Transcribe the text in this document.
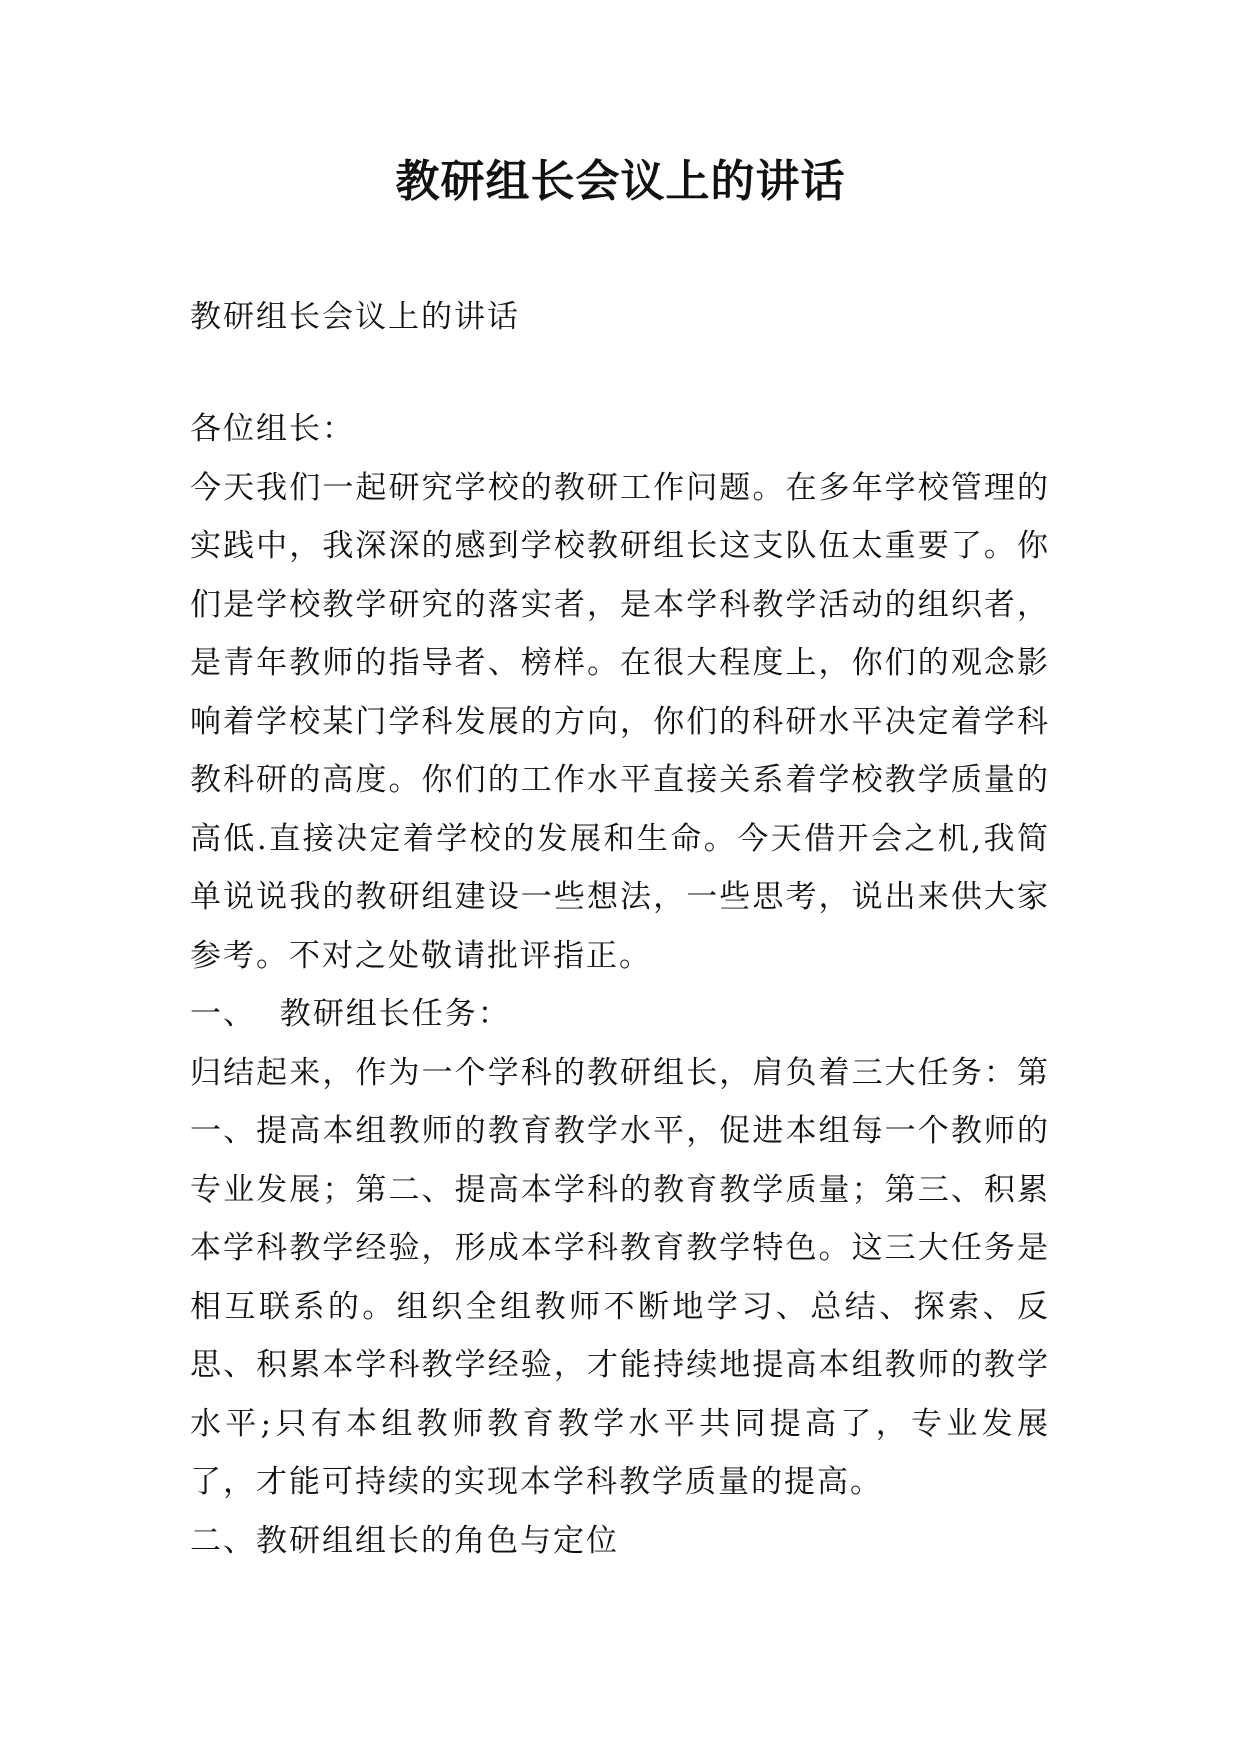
教研组长会议上的讲话

教研组长会议上的讲话

各位组长：

今天我们一起研究学校的教研工作问题。在多年学校管理的实践中，我深深的感到学校教研组长这支队伍太重要了。你们是学校教学研究的落实者，是本学科教学活动的组织者，是青年教师的指导者、榜样。在很大程度上，你们的观念影响着学校某门学科发展的方向，你们的科研水平决定着学科教科研的高度。你们的工作水平直接关系着学校教学质量的高低.直接决定着学校的发展和生命。今天借开会之机,我简单说说我的教研组建设一些想法，一些思考，说出来供大家参考。不对之处敬请批评指正。

一、  教研组长任务：

归结起来，作为一个学科的教研组长，肩负着三大任务：第一、提高本组教师的教育教学水平，促进本组每一个教师的专业发展；第二、提高本学科的教育教学质量；第三、积累本学科教学经验，形成本学科教育教学特色。这三大任务是相互联系的。组织全组教师不断地学习、总结、探索、反思、积累本学科教学经验，才能持续地提高本组教师的教学水平;只有本组教师教育教学水平共同提高了，专业发展了，才能可持续的实现本学科教学质量的提高。

二、教研组组长的角色与定位
